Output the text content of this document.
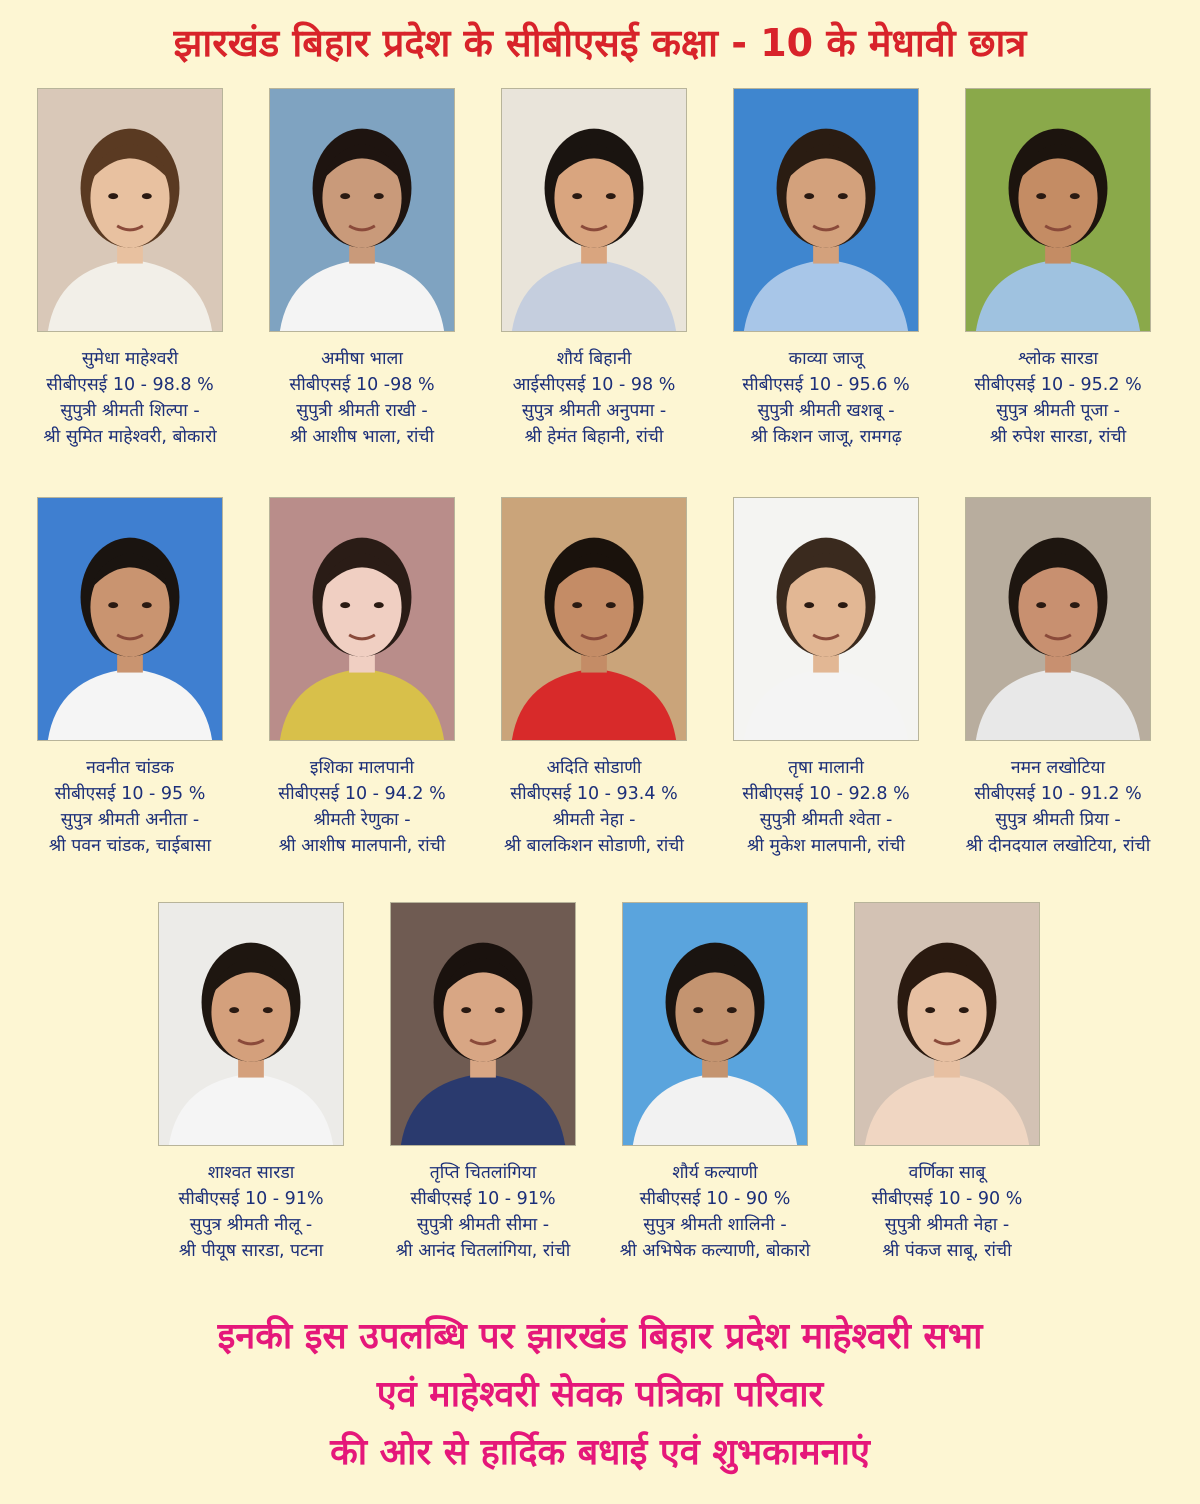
झारखंड बिहार प्रदेश के सीबीएसई कक्षा - 10 के मेधावी छात्र
सुमेधा माहेश्वरी
सीबीएसई 10 - 98.8 %
सुपुत्री श्रीमती शिल्पा -
श्री सुमित माहेश्वरी, बोकारो
अमीषा भाला
सीबीएसई 10 -98 %
सुपुत्री श्रीमती राखी -
श्री आशीष भाला, रांची
शौर्य बिहानी
आईसीएसई 10 - 98 %
सुपुत्र श्रीमती अनुपमा -
श्री हेमंत बिहानी, रांची
काव्या जाजू
सीबीएसई 10 - 95.6 %
सुपुत्री श्रीमती खशबू -
श्री किशन जाजू, रामगढ़
श्लोक सारडा
सीबीएसई 10 - 95.2 %
सुपुत्र श्रीमती पूजा -
श्री रुपेश सारडा, रांची
नवनीत चांडक
सीबीएसई 10 - 95 %
सुपुत्र श्रीमती अनीता -
श्री पवन चांडक, चाईबासा
इशिका मालपानी
सीबीएसई 10 - 94.2 %
श्रीमती रेणुका -
श्री आशीष मालपानी, रांची
अदिति सोडाणी
सीबीएसई 10 - 93.4 %
श्रीमती नेहा -
श्री बालकिशन सोडाणी, रांची
तृषा मालानी
सीबीएसई 10 - 92.8 %
सुपुत्री श्रीमती श्वेता -
श्री मुकेश मालपानी, रांची
नमन लखोटिया
सीबीएसई 10 - 91.2 %
सुपुत्र श्रीमती प्रिया -
श्री दीनदयाल लखोटिया, रांची
शाश्वत सारडा
सीबीएसई 10 - 91%
सुपुत्र श्रीमती नीलू -
श्री पीयूष सारडा, पटना
तृप्ति चितलांगिया
सीबीएसई 10 - 91%
सुपुत्री श्रीमती सीमा -
श्री आनंद चितलांगिया, रांची
शौर्य कल्याणी
सीबीएसई 10 - 90 %
सुपुत्र श्रीमती शालिनी -
श्री अभिषेक कल्याणी, बोकारो
वर्णिका साबू
सीबीएसई 10 - 90 %
सुपुत्री श्रीमती नेहा -
श्री पंकज साबू, रांची
इनकी इस उपलब्धि पर झारखंड बिहार प्रदेश माहेश्वरी सभा
एवं माहेश्वरी सेवक पत्रिका परिवार
की ओर से हार्दिक बधाई एवं शुभकामनाएं
